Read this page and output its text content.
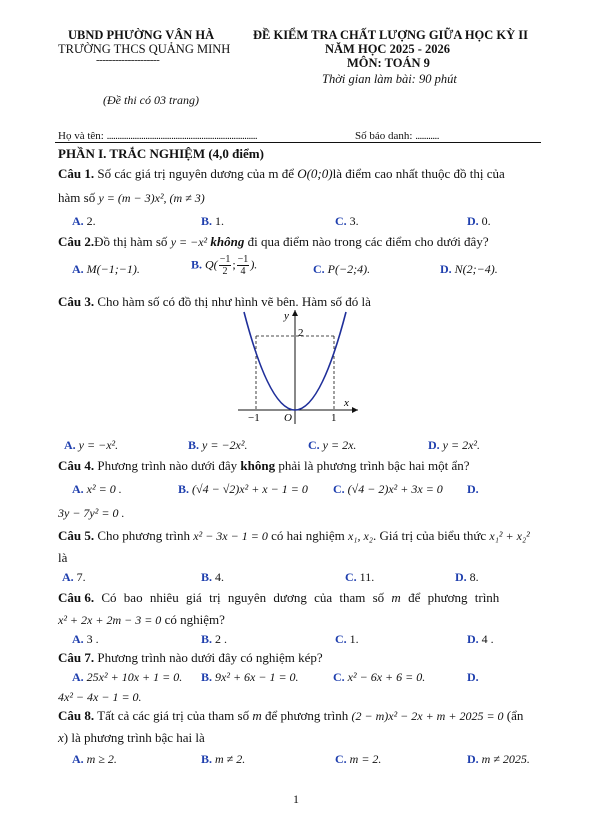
UBND PHƯỜNG VÂN HÀ
TRƯỜNG THCS QUẢNG MINH
--------------------
(Đề thi có 03 trang)
ĐỀ KIỂM TRA CHẤT LƯỢNG GIỮA HỌC KỲ II
NĂM HỌC 2025 - 2026
MÔN: TOÁN 9
Thời gian làm bài: 90 phút
Họ và tên: ......................................................................	Số báo danh: ...........
PHẦN I. TRẮC NGHIỆM (4,0 điểm)
Câu 1. Số các giá trị nguyên dương của m để O(0;0)là điểm cao nhất thuộc đồ thị của
hàm số y = (m − 3)x², (m ≠ 3)
A. 2.	B. 1.	C. 3.	D. 0.
Câu 2.Đồ thị hàm số y = −x² không đi qua điểm nào trong các điểm cho dưới đây?
A. M(−1;−1).	B. $Q( \frac{-1}{2}$ ; $\frac{-1}{4}$ ).	C. P(−2;4).	D. N(2;−4).
Câu 3. Cho hàm số có đồ thị như hình vẽ bên. Hàm số đó là
y
2
x
−1 O	1
A. y = −x².	B. y = −2x².	C. y = 2x.	D. y = 2x².
Câu 4. Phương trình nào dưới đây không phải là phương trình bậc hai một ẩn?
A. x² = 0 .	B. (√4 − √2)x² + x − 1 = 0 C. (√4 − 2)x² + 3x = 0 D.
3y − 7y² = 0 .
Câu 5. Cho phương trình x² − 3x − 1 = 0 có hai nghiệm x₁, x₂. Giá trị của biểu thức x₁² + x₂²
là
A. 7.	B. 4.	C. 11.	D. 8.
Câu 6. Có bao nhiêu giá trị nguyên dương của tham số m để phương trình
x² + 2x + 2m − 3 = 0 có nghiệm?
A. 3 .	B. 2 .	C. 1.	D. 4 .
Câu 7. Phương trình nào dưới đây có nghiệm kép?
A. 25x² + 10x + 1 = 0. B. 9x² + 6x − 1 = 0.	C. x² − 6x + 6 = 0.	D.
4x² − 4x − 1 = 0.
Câu 8. Tất cả các giá trị của tham số m để phương trình (2 − m)x² − 2x + m + 2025 = 0 (ẩn
x) là phương trình bậc hai là
A. m ≥ 2.	B. m ≠ 2.	C. m = 2.	D. m ≠ 2025.
1
